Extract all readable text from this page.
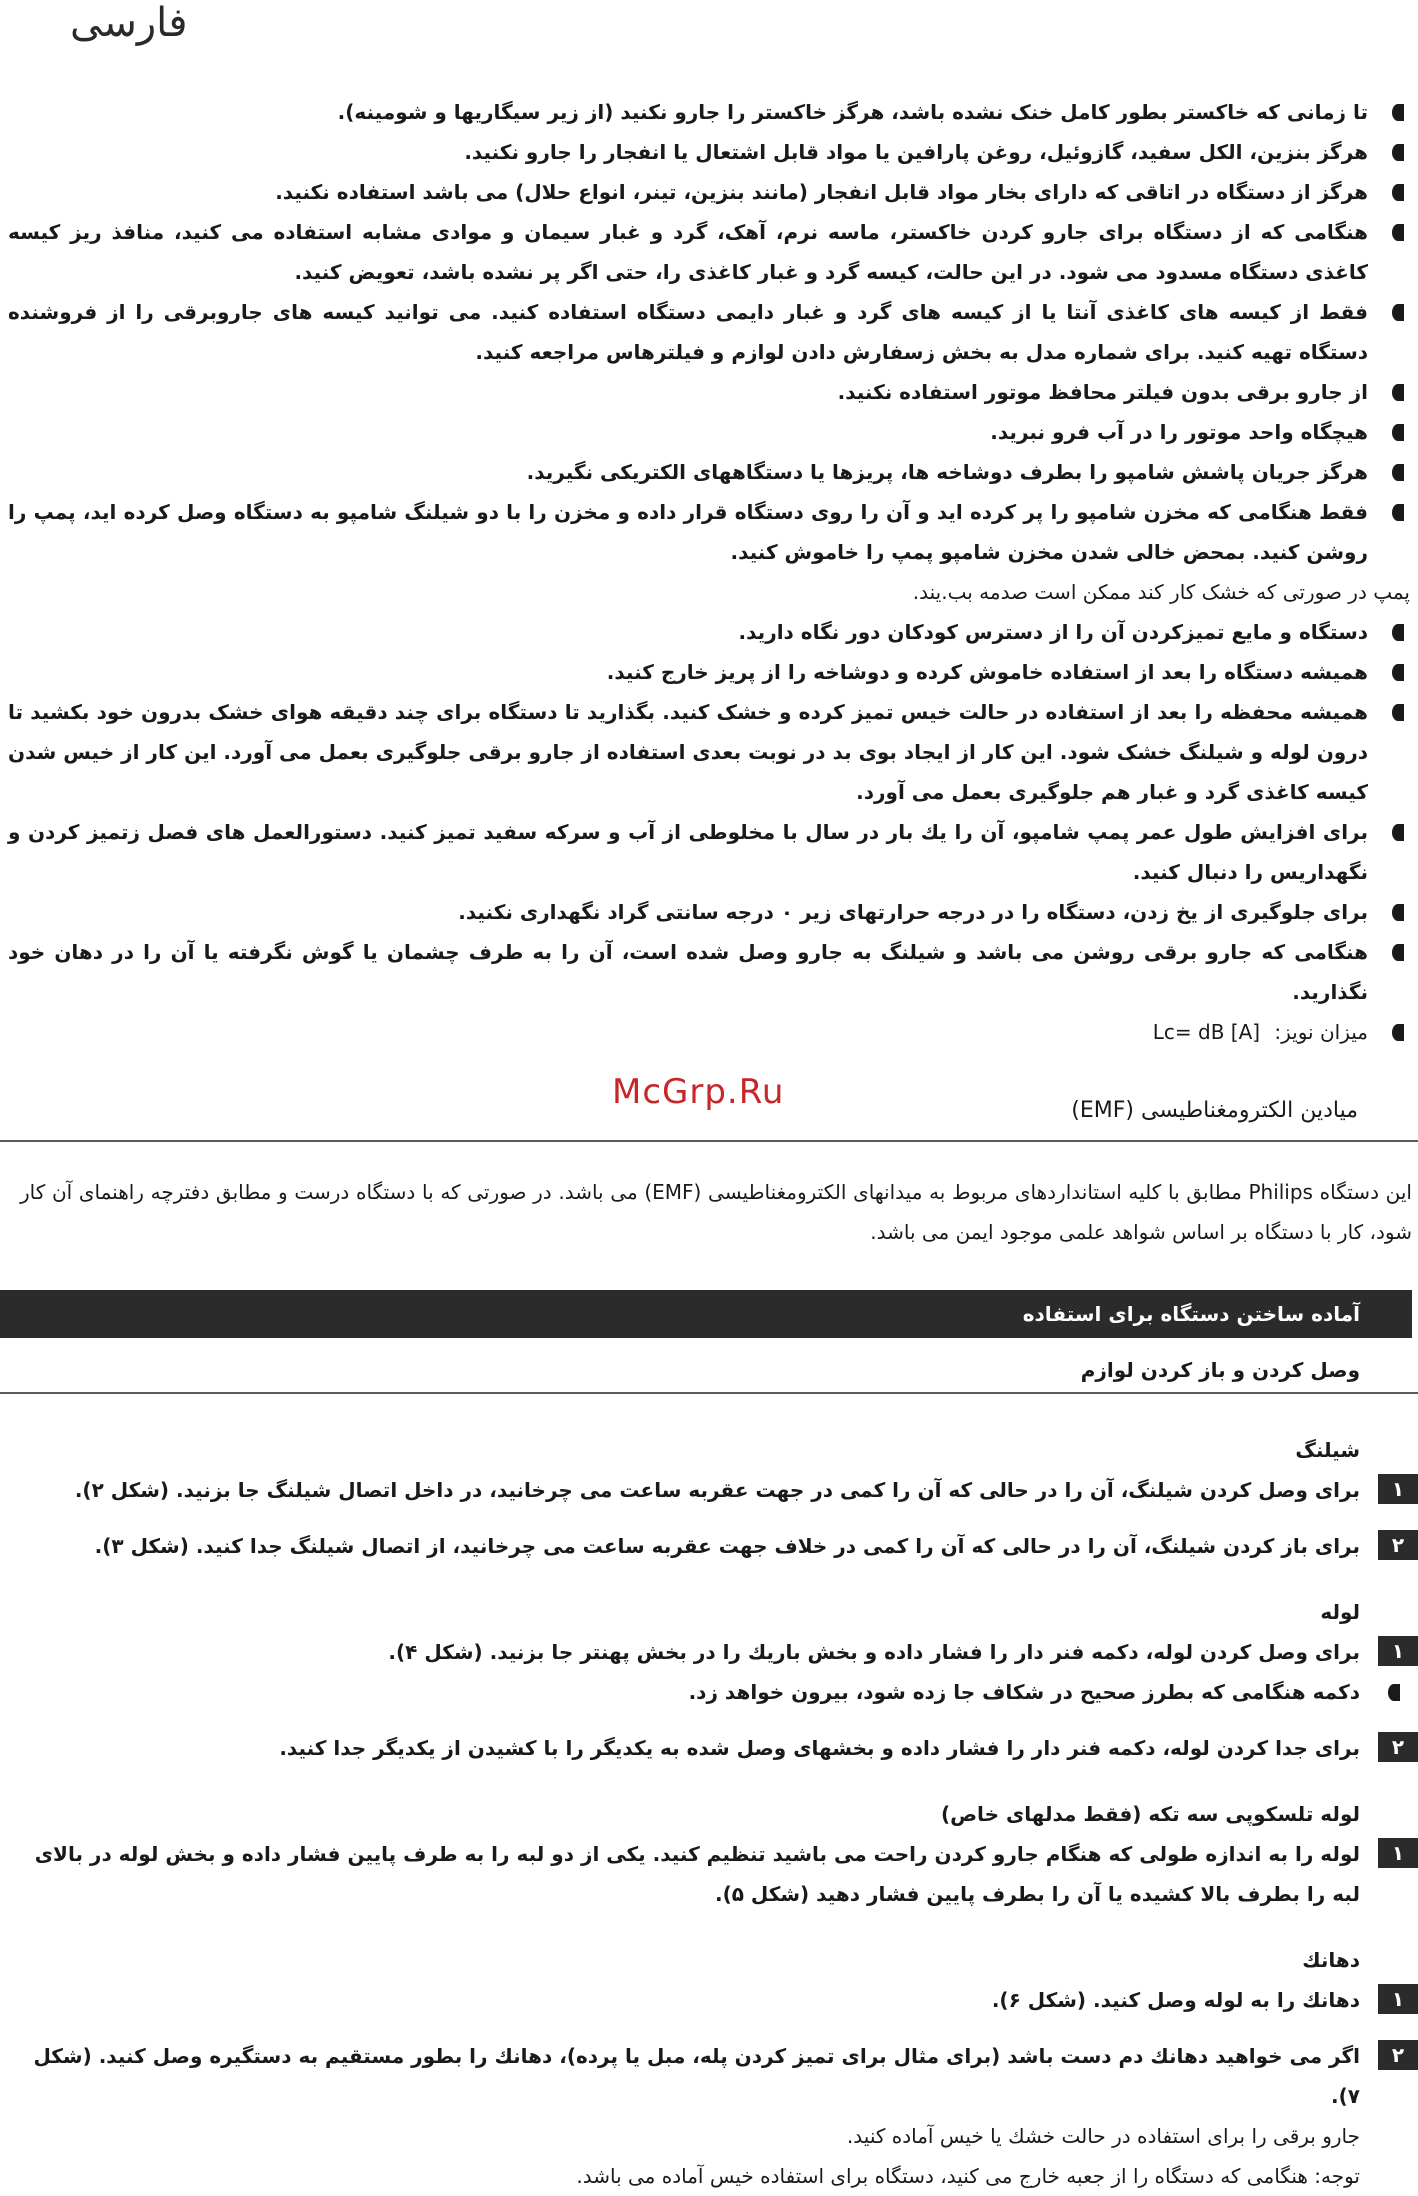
فارسی
تا زمانی که خاکستر بطور کامل خنک نشده باشد، هرگز خاکستر را جارو نکنید (از زیر سیگاریها و شومینه).
هرگز بنزین، الکل سفید، گازوئیل، روغن پارافین یا مواد قابل اشتعال یا انفجار را جارو نکنید.
هرگز از دستگاه در اتاقی که دارای بخار مواد قابل انفجار (مانند بنزین، تینر، انواع حلال) می باشد استفاده نکنید.
هنگامی که از دستگاه برای جارو کردن خاکستر، ماسه نرم، آهک، گرد و غبار سیمان و موادی مشابه استفاده می کنید، منافذ ریز کیسه کاغذی دستگاه مسدود می شود. در این حالت، کیسه گرد و غبار کاغذی را، حتی اگر پر نشده باشد، تعویض کنید.
فقط از کیسه های کاغذی آنتا یا از کیسه های گرد و غبار دایمی دستگاه استفاده کنید. می توانید کیسه های جاروبرقی را از فروشنده دستگاه تهیه کنید. برای شماره مدل به بخش زسفارش دادن لوازم و فیلترهاس مراجعه کنید.
از جارو برقی بدون فیلتر محافظ موتور استفاده نکنید.
هیچگاه واحد موتور را در آب فرو نبرید.
هرگز جریان پاشش شامپو را بطرف دوشاخه ها، پریزها یا دستگاههای الکتریکی نگیرید.
فقط هنگامی که مخزن شامپو را پر کرده اید و آن را روی دستگاه قرار داده و مخزن را با دو شیلنگ شامپو به دستگاه وصل کرده اید، پمپ را روشن کنید. بمحض خالی شدن مخزن شامپو پمپ را خاموش کنید.
پمپ در صورتی که خشک کار کند ممکن است صدمه بب.یند.
دستگاه و مایع تمیزکردن آن را از دسترس کودکان دور نگاه دارید.
همیشه دستگاه را بعد از استفاده خاموش کرده و دوشاخه را از پریز خارج کنید.
همیشه محفظه را بعد از استفاده در حالت خیس تمیز کرده و خشک کنید. بگذارید تا دستگاه برای چند دقیقه هوای خشک بدرون خود بکشید تا درون لوله و شیلنگ خشک شود. این کار از ایجاد بوی بد در نوبت بعدی استفاده از جارو برقی جلوگیری بعمل می آورد. این کار از خیس شدن کیسه کاغذی گرد و غبار هم جلوگیری بعمل می آورد.
برای افزایش طول عمر پمپ شامپو، آن را یك بار در سال با مخلوطی از آب و سرکه سفید تمیز کنید. دستورالعمل های فصل زتمیز کردن و نگهداریس را دنبال کنید.
برای جلوگیری از یخ زدن، دستگاه را در درجه حرارتهای زیر ۰ درجه سانتی گراد نگهداری نکنید.
هنگامی که جارو برقی روشن می باشد و شیلنگ به جارو وصل شده است، آن را به طرف چشمان یا گوش نگرفته یا آن را در دهان خود نگذارید.
میزان نویز: dB [A] Lc=
McGrp.Ru	میادین الکترومغناطیسی (EMF)
این دستگاه Philips مطابق با کلیه استانداردهای مربوط به میدانهای الکترومغناطیسی (EMF) می باشد. در صورتی که با دستگاه درست و مطابق دفترچه راهنمای آن کار شود، کار با دستگاه بر اساس شواهد علمی موجود ایمن می باشد.
آماده ساختن دستگاه برای استفاده
وصل کردن و باز کردن لوازم
شیلنگ
۱
برای وصل کردن شیلنگ، آن را در حالی که آن را کمی در جهت عقربه ساعت می چرخانید، در داخل اتصال شیلنگ جا بزنید. (شکل ۲).
۲
برای باز کردن شیلنگ، آن را در حالی که آن را کمی در خلاف جهت عقربه ساعت می چرخانید، از اتصال شیلنگ جدا کنید. (شکل ۳).
لوله
۱
برای وصل کردن لوله، دکمه فنر دار را فشار داده و بخش باریك را در بخش پهنتر جا بزنید. (شکل ۴).
دکمه هنگامی که بطرز صحیح در شکاف جا زده شود، بیرون خواهد زد.
۲
برای جدا کردن لوله، دکمه فنر دار را فشار داده و بخشهای وصل شده به یکدیگر را با کشیدن از یکدیگر جدا کنید.
لوله تلسکوپی سه تکه (فقط مدلهای خاص)
۱
لوله را به اندازه طولی که هنگام جارو کردن راحت می باشید تنظیم کنید. یکی از دو لبه را به طرف پایین فشار داده و بخش لوله در بالای لبه را بطرف بالا کشیده یا آن را بطرف پایین فشار دهید (شکل ۵).
دهانك
۱
دهانك را به لوله وصل کنید. (شکل ۶).
۲
اگر می خواهید دهانك دم دست باشد (برای مثال برای تمیز کردن پله، مبل یا پرده)، دهانك را بطور مستقیم به دستگیره وصل کنید. (شکل ۷).
جارو برقی را برای استفاده در حالت خشك یا خیس آماده کنید.
توجه: هنگامی که دستگاه را از جعبه خارج می کنید، دستگاه برای استفاده خیس آماده می باشد.
